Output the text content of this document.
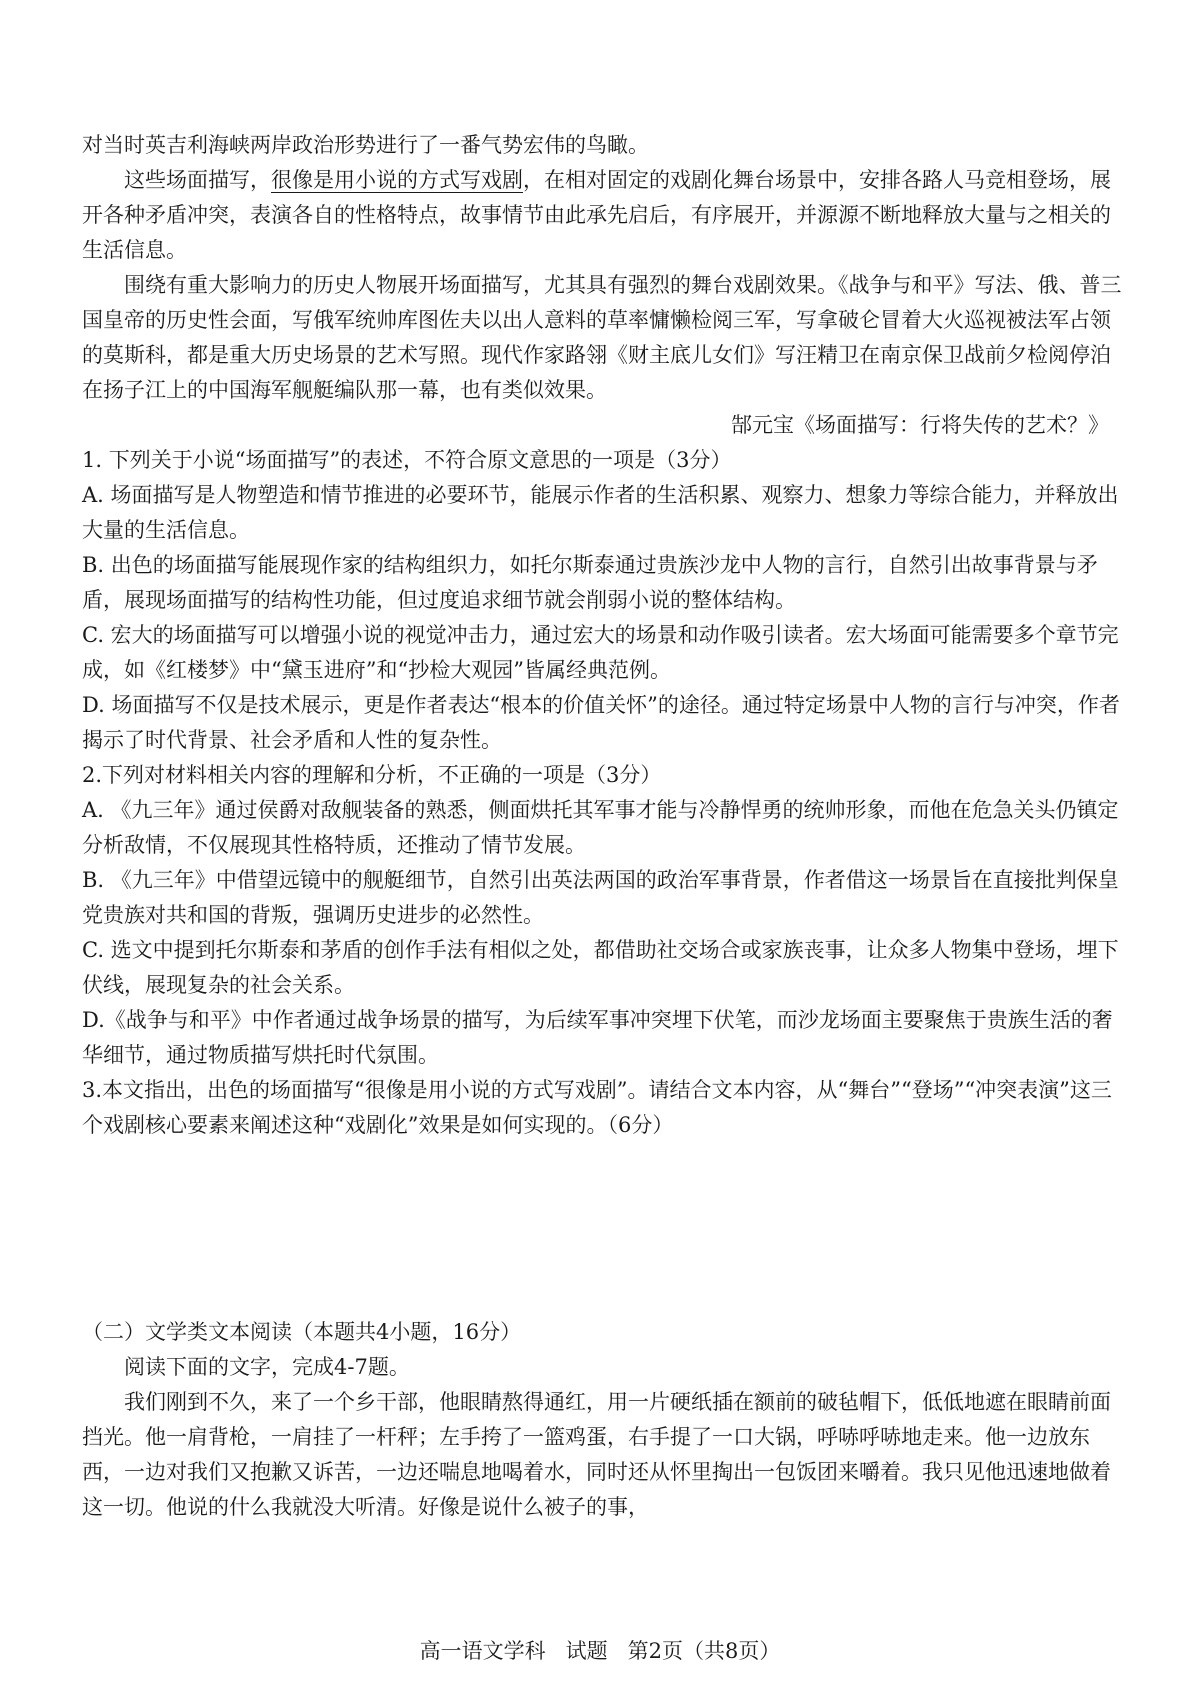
对当时英吉利海峡两岸政治形势进行了一番气势宏伟的鸟瞰。

这些场面描写，很像是用小说的方式写戏剧，在相对固定的戏剧化舞台场景中，安排各路人马竞相登场，展开各种矛盾冲突，表演各自的性格特点，故事情节由此承先启后，有序展开，并源源不断地释放大量与之相关的生活信息。

围绕有重大影响力的历史人物展开场面描写，尤其具有强烈的舞台戏剧效果。《战争与和平》写法、俄、普三国皇帝的历史性会面，写俄军统帅库图佐夫以出人意料的草率慵懒检阅三军，写拿破仑冒着大火巡视被法军占领的莫斯科，都是重大历史场景的艺术写照。现代作家路翎《财主底儿女们》写汪精卫在南京保卫战前夕检阅停泊在扬子江上的中国海军舰艇编队那一幕，也有类似效果。

郜元宝《场面描写：行将失传的艺术？》

1. 下列关于小说“场面描写”的表述，不符合原文意思的一项是（3分）

A. 场面描写是人物塑造和情节推进的必要环节，能展示作者的生活积累、观察力、想象力等综合能力，并释放出大量的生活信息。

B. 出色的场面描写能展现作家的结构组织力，如托尔斯泰通过贵族沙龙中人物的言行，自然引出故事背景与矛盾，展现场面描写的结构性功能，但过度追求细节就会削弱小说的整体结构。

C. 宏大的场面描写可以增强小说的视觉冲击力，通过宏大的场景和动作吸引读者。宏大场面可能需要多个章节完成，如《红楼梦》中“黛玉进府”和“抄检大观园”皆属经典范例。

D. 场面描写不仅是技术展示，更是作者表达“根本的价值关怀”的途径。通过特定场景中人物的言行与冲突，作者揭示了时代背景、社会矛盾和人性的复杂性。

2.下列对材料相关内容的理解和分析，不正确的一项是（3分）

A. 《九三年》通过侯爵对敌舰装备的熟悉，侧面烘托其军事才能与冷静悍勇的统帅形象，而他在危急关头仍镇定分析敌情，不仅展现其性格特质，还推动了情节发展。

B. 《九三年》中借望远镜中的舰艇细节，自然引出英法两国的政治军事背景，作者借这一场景旨在直接批判保皇党贵族对共和国的背叛，强调历史进步的必然性。

C. 选文中提到托尔斯泰和茅盾的创作手法有相似之处，都借助社交场合或家族丧事，让众多人物集中登场，埋下伏线，展现复杂的社会关系。

D.《战争与和平》中作者通过战争场景的描写，为后续军事冲突埋下伏笔，而沙龙场面主要聚焦于贵族生活的奢华细节，通过物质描写烘托时代氛围。

3.本文指出，出色的场面描写“很像是用小说的方式写戏剧”。请结合文本内容，从“舞台”“登场”“冲突表演”这三个戏剧核心要素来阐述这种“戏剧化”效果是如何实现的。（6分）

（二）文学类文本阅读（本题共4小题，16分）

阅读下面的文字，完成4-7题。

我们刚到不久，来了一个乡干部，他眼睛熬得通红，用一片硬纸插在额前的破毡帽下，低低地遮在眼睛前面挡光。他一肩背枪，一肩挂了一杆秤；左手挎了一篮鸡蛋，右手提了一口大锅，呼哧呼哧地走来。他一边放东西，一边对我们又抱歉又诉苦，一边还喘息地喝着水，同时还从怀里掏出一包饭团来嚼着。我只见他迅速地做着这一切。他说的什么我就没大听清。好像是说什么被子的事，

高一语文学科 试题 第2页（共8页）
